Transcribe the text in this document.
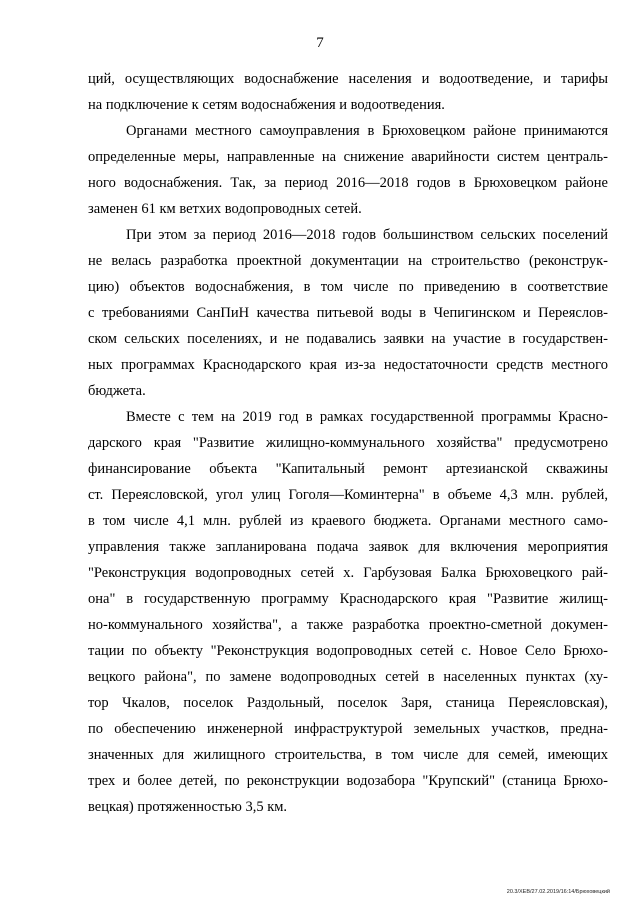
7
ций, осуществляющих водоснабжение населения и водоотведение, и тарифы
на подключение к сетям водоснабжения и водоотведения.
Органами местного самоуправления в Брюховецком районе принимаются
определенные меры, направленные на снижение аварийности систем централь-
ного водоснабжения. Так, за период 2016—2018 годов в Брюховецком районе
заменен 61 км ветхих водопроводных сетей.
При этом за период 2016—2018 годов большинством сельских поселений
не велась разработка проектной документации на строительство (реконструк-
цию) объектов водоснабжения, в том числе по приведению в соответствие
с требованиями СанПиН качества питьевой воды в Чепигинском и Переяслов-
ском сельских поселениях, и не подавались заявки на участие в государствен-
ных программах Краснодарского края из-за недостаточности средств местного
бюджета.
Вместе с тем на 2019 год в рамках государственной программы Красно-
дарского края "Развитие жилищно-коммунального хозяйства" предусмотрено
финансирование объекта "Капитальный ремонт артезианской скважины
ст. Переясловской, угол улиц Гоголя—Коминтерна" в объеме 4,3 млн. рублей,
в том числе 4,1 млн. рублей из краевого бюджета. Органами местного само-
управления также запланирована подача заявок для включения мероприятия
"Реконструкция водопроводных сетей х. Гарбузовая Балка Брюховецкого рай-
она" в государственную программу Краснодарского края "Развитие жилищ-
но-коммунального хозяйства", а также разработка проектно-сметной докумен-
тации по объекту "Реконструкция водопроводных сетей с. Новое Село Брюхо-
вецкого района", по замене водопроводных сетей в населенных пунктах (ху-
тор Чкалов, поселок Раздольный, поселок Заря, станица Переясловская),
по обеспечению инженерной инфраструктурой земельных участков, предна-
значенных для жилищного строительства, в том числе для семей, имеющих
трех и более детей, по реконструкции водозабора "Крупский" (станица Брюхо-
вецкая) протяженностью 3,5 км.
20.3/ХЕВ/27.02.2019/16:14/Брюховецкий
